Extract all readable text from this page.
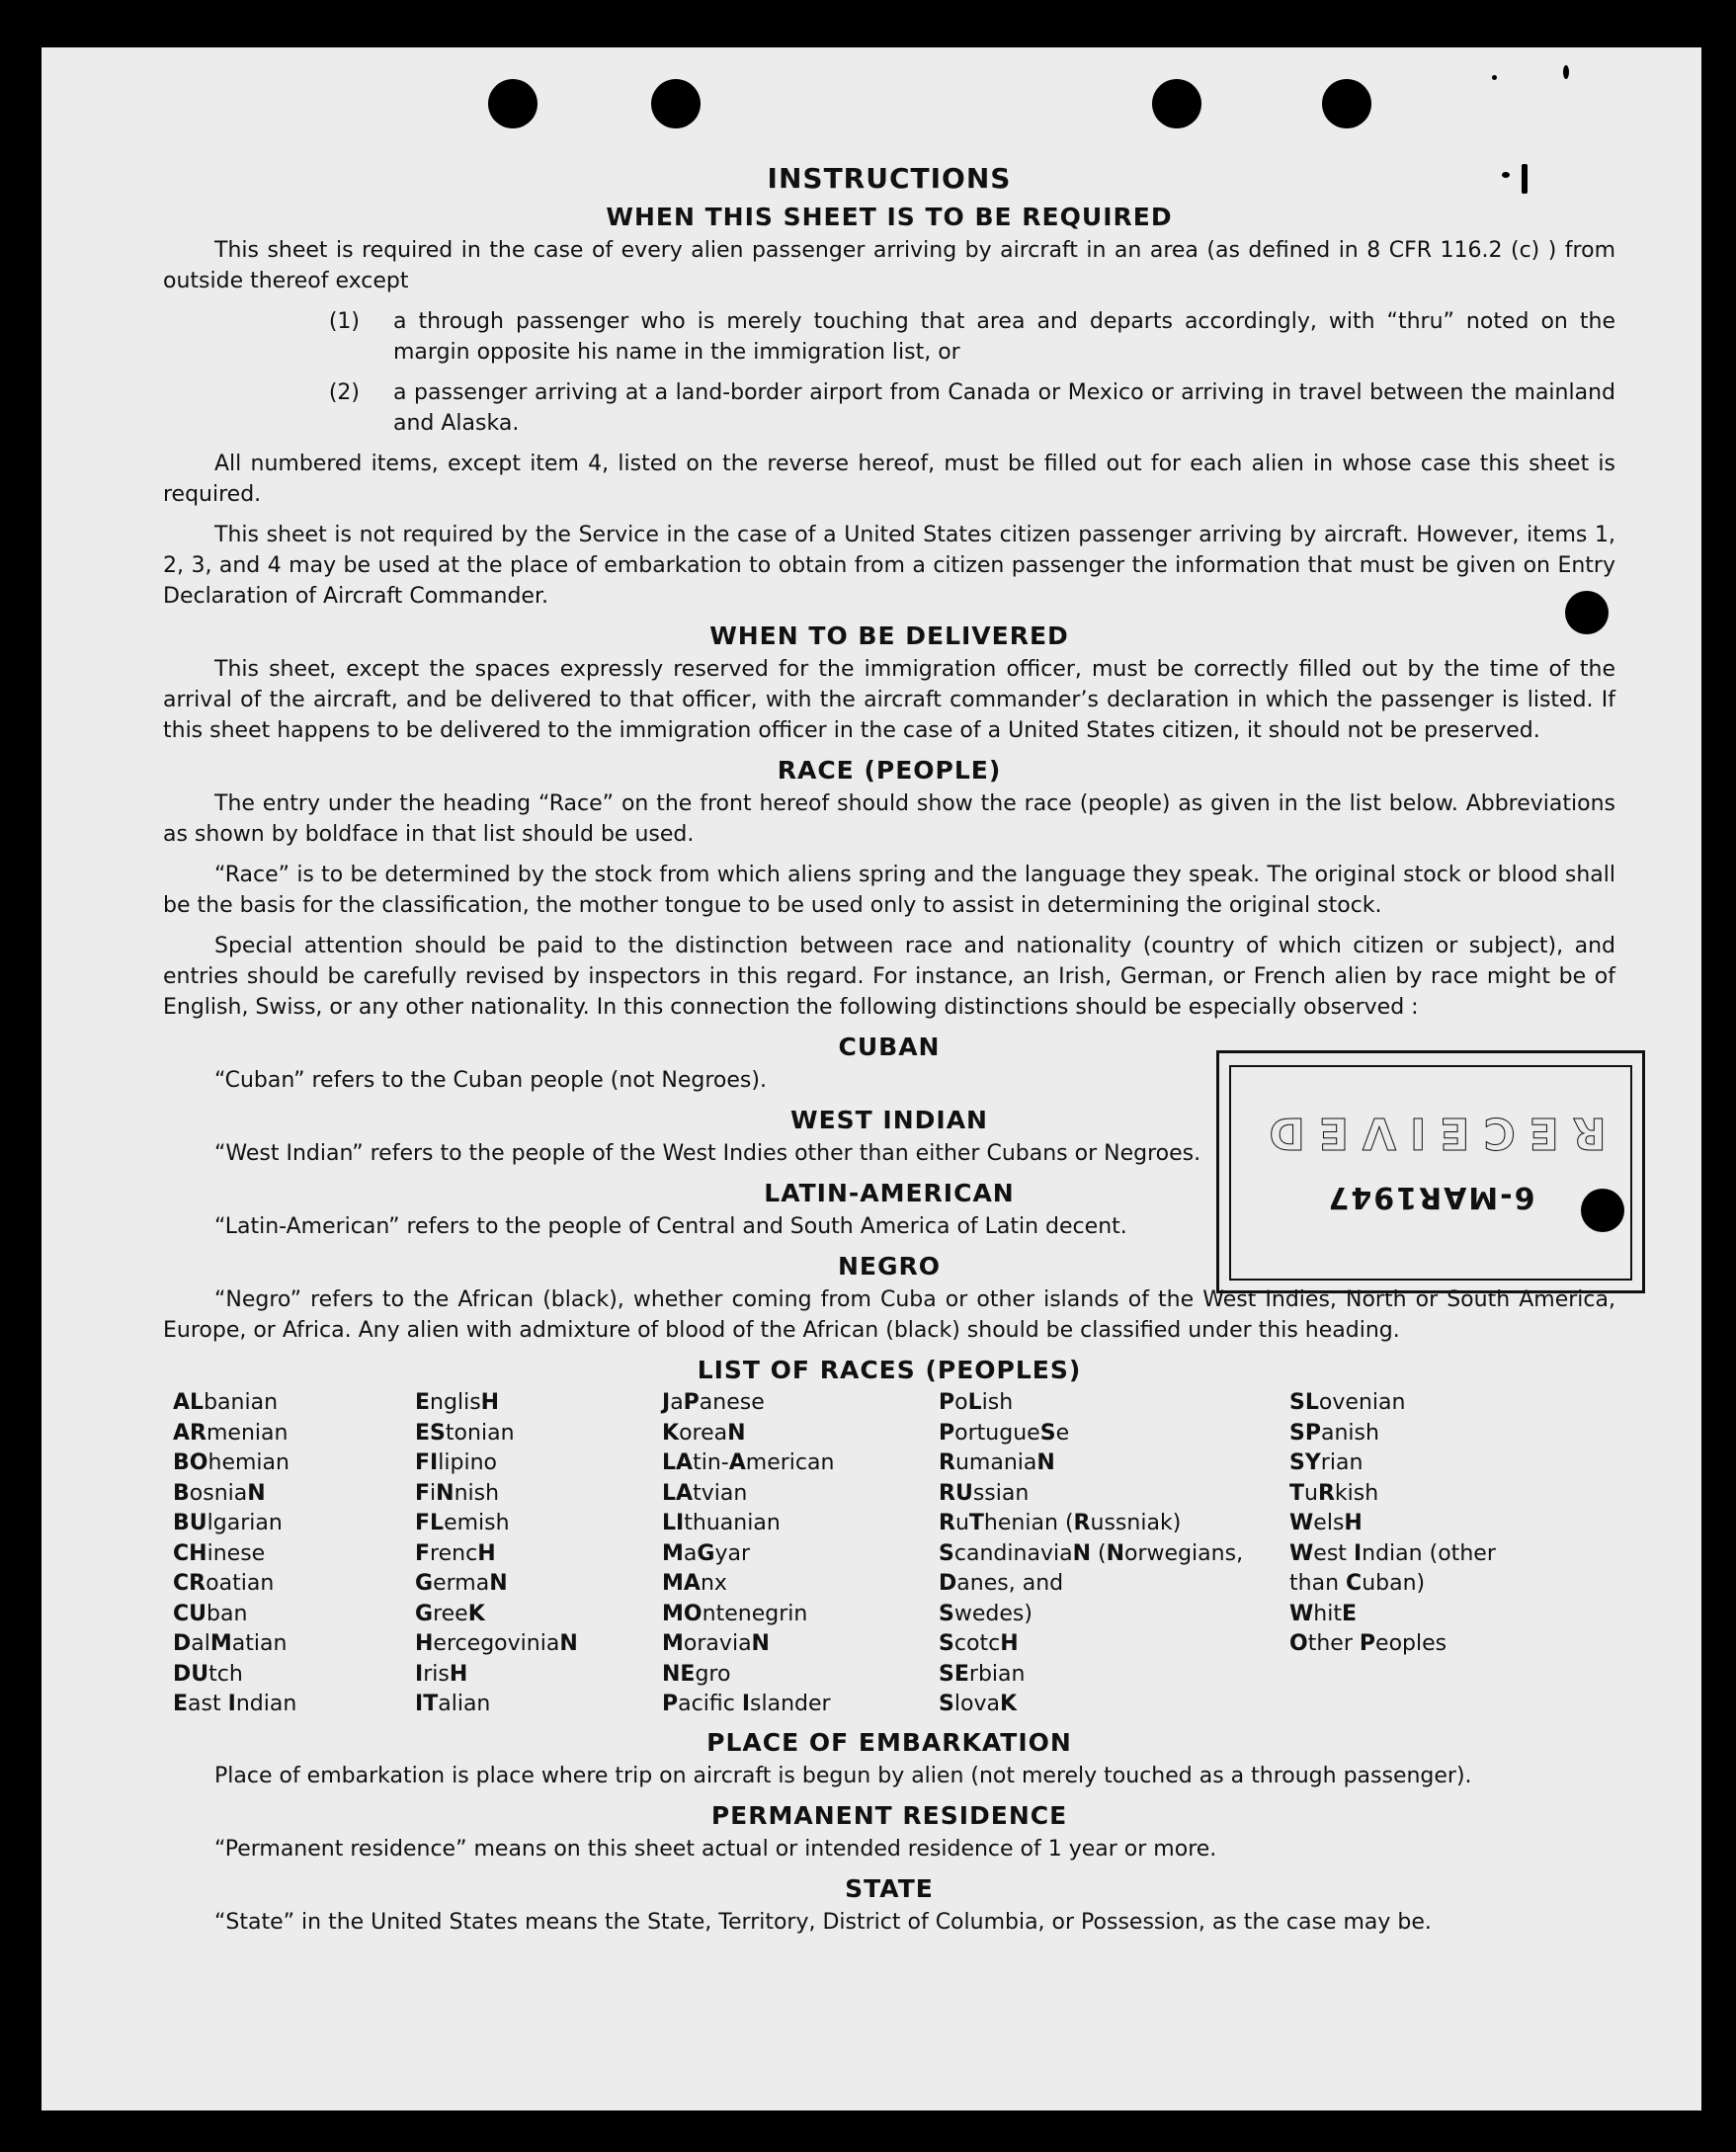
INSTRUCTIONS
WHEN THIS SHEET IS TO BE REQUIRED

This sheet is required in the case of every alien passenger arriving by aircraft in an area (as defined in 8 CFR 116.2 (c) ) from outside thereof except

(1)	a through passenger who is merely touching that area and departs accordingly, with “thru” noted on the margin opposite his name in the immigration list, or
(2)	a passenger arriving at a land-border airport from Canada or Mexico or arriving in travel between the mainland and Alaska.

All numbered items, except item 4, listed on the reverse hereof, must be filled out for each alien in whose case this sheet is required.

This sheet is not required by the Service in the case of a United States citizen passenger arriving by aircraft. However, items 1, 2, 3, and 4 may be used at the place of embarkation to obtain from a citizen passenger the information that must be given on Entry Declaration of Aircraft Commander.

WHEN TO BE DELIVERED

This sheet, except the spaces expressly reserved for the immigration officer, must be correctly filled out by the time of the arrival of the aircraft, and be delivered to that officer, with the aircraft commander’s declaration in which the passenger is listed. If this sheet happens to be delivered to the immigration officer in the case of a United States citizen, it should not be preserved.

RACE (PEOPLE)

The entry under the heading “Race” on the front hereof should show the race (people) as given in the list below. Abbreviations as shown by boldface in that list should be used.

“Race” is to be determined by the stock from which aliens spring and the language they speak. The original stock or blood shall be the basis for the classification, the mother tongue to be used only to assist in determining the original stock.

Special attention should be paid to the distinction between race and nationality (country of which citizen or subject), and entries should be carefully revised by inspectors in this regard. For instance, an Irish, German, or French alien by race might be of English, Swiss, or any other nationality. In this connection the following distinctions should be especially observed :

CUBAN

“Cuban” refers to the Cuban people (not Negroes).

WEST INDIAN

“West Indian” refers to the people of the West Indies other than either Cubans or Negroes.

LATIN-AMERICAN

“Latin-American” refers to the people of Central and South America of Latin decent.

NEGRO

“Negro” refers to the African (black), whether coming from Cuba or other islands of the West Indies, North or South America, Europe, or Africa. Any alien with admixture of blood of the African (black) should be classified under this heading.

LIST OF RACES (PEOPLES)
ALbanian
ARmenian
BOhemian
BosniaN
BUlgarian
CHinese
CRoatian
CUban
DalMatian
DUtch
East Indian
EnglisH
EStonian
FIlipino
FiNnish
FLemish
FrencH
GermaN
GreeK
HercegoviniaN
IrisH
ITalian
JaPanese
KoreaN
LAtin-American
LAtvian
LIthuanian
MaGyar
MAnx
MOntenegrin
MoraviaN
NEgro
Pacifc Islander
PoLish
PortugueSe
RumaniaN
RUssian
RuThenian (Russniak)
ScandinaviaN (Norwegians,
Danes, and
Swedes)
ScotcH
SErbian
SlovaK
SLovenian
SPanish
SYrian
TuRkish
WelsH
West Indian (other
than Cuban)
WhitE
Other Peoples
PLACE OF EMBARKATION

Place of embarkation is place where trip on aircraft is begun by alien (not merely touched as a through passenger).

PERMANENT RESIDENCE

“Permanent residence” means on this sheet actual or intended residence of 1 year or more.

STATE

“State” in the United States means the State, Territory, District of Columbia, or Possession, as the case may be.

6-MAR1947
RECEIVED
